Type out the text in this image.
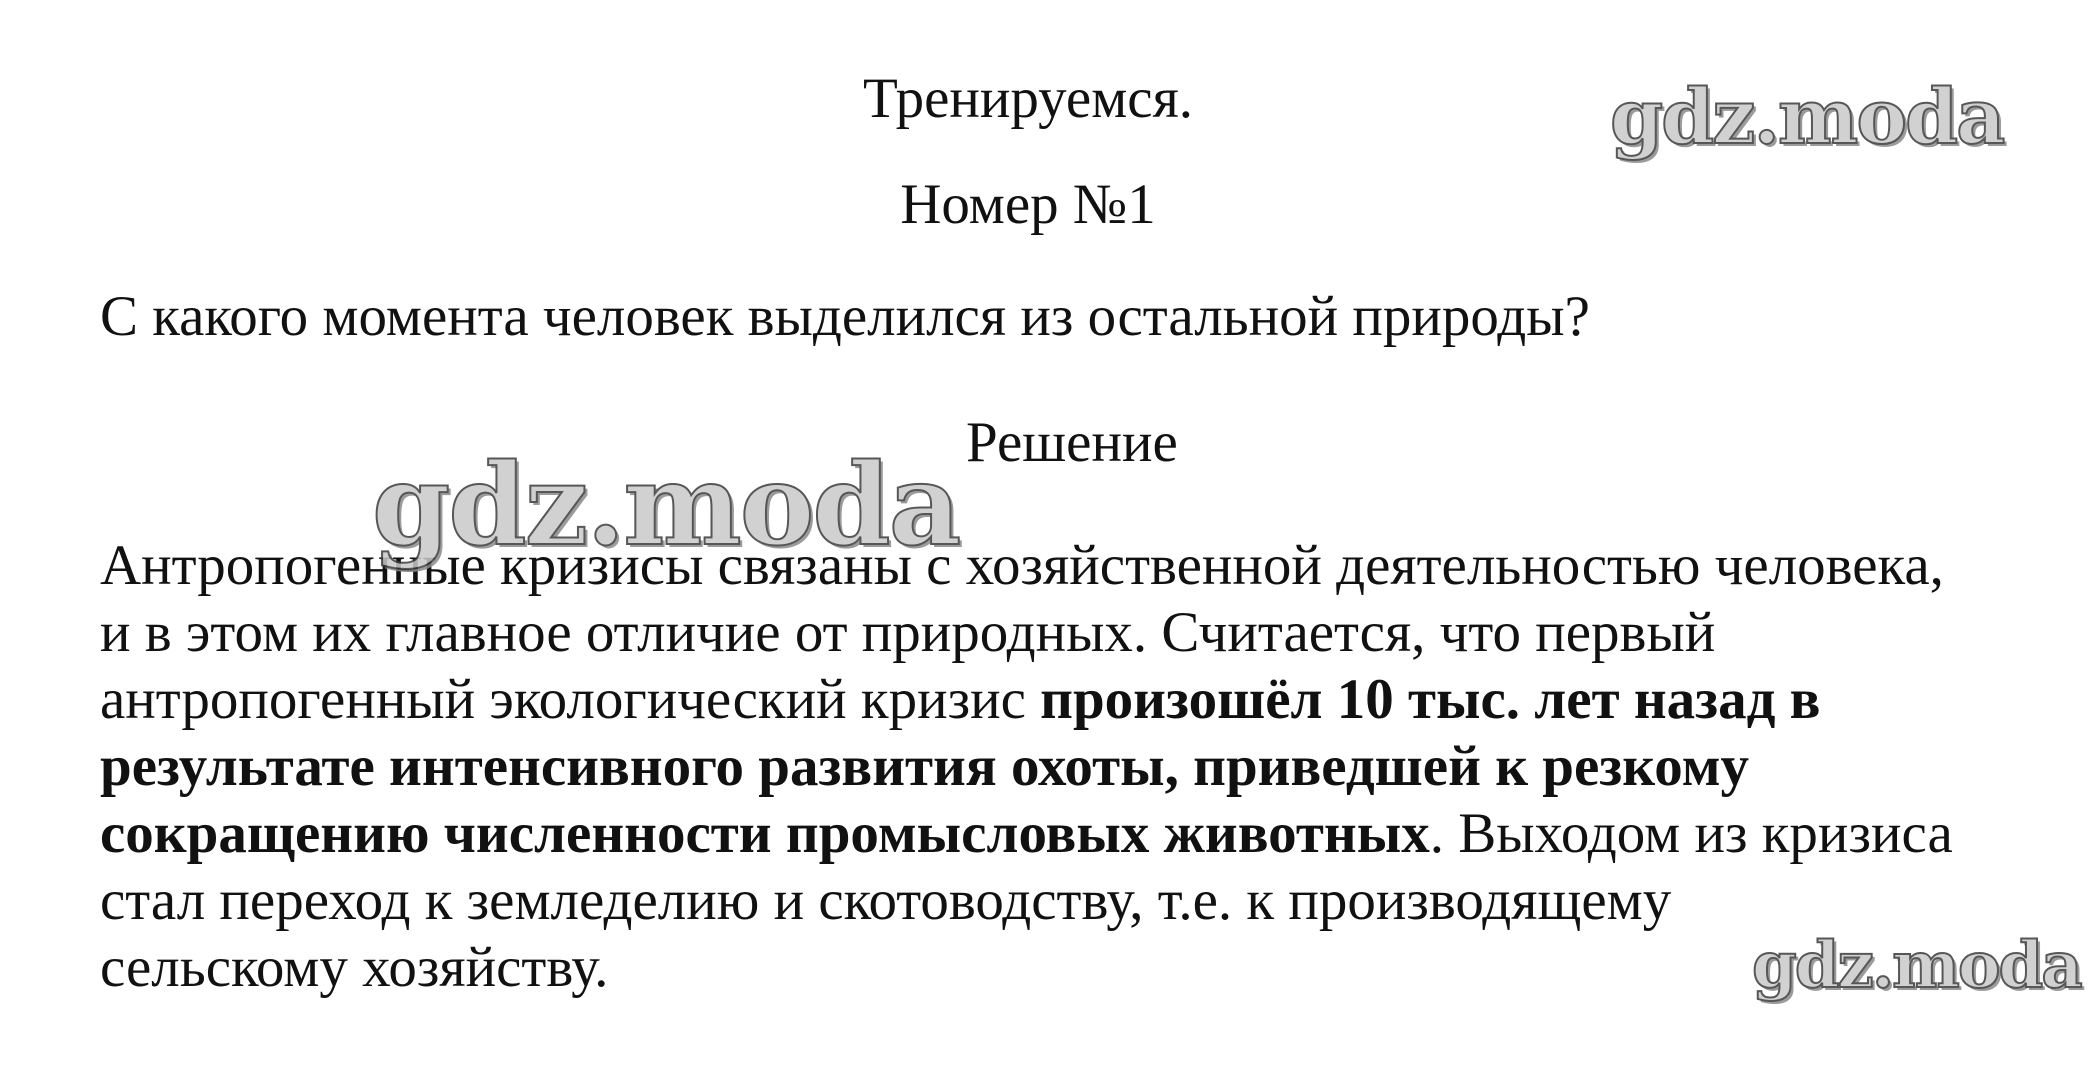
Тренируемся.
Номер №1

С какого момента человек выделился из остальной природы?

Решение

Антропогенные кризисы связаны с хозяйственной деятельностью человека,
и в этом их главное отличие от природных. Считается, что первый
антропогенный экологический кризис произошёл 10 тыс. лет назад в
результате интенсивного развития охоты, приведшей к резкому
сокращению численности промысловых животных. Выходом из кризиса
стал переход к земледелию и скотоводству, т.е. к производящему
сельскому хозяйству.

gdz.moda
gdz.moda
gdz.moda
